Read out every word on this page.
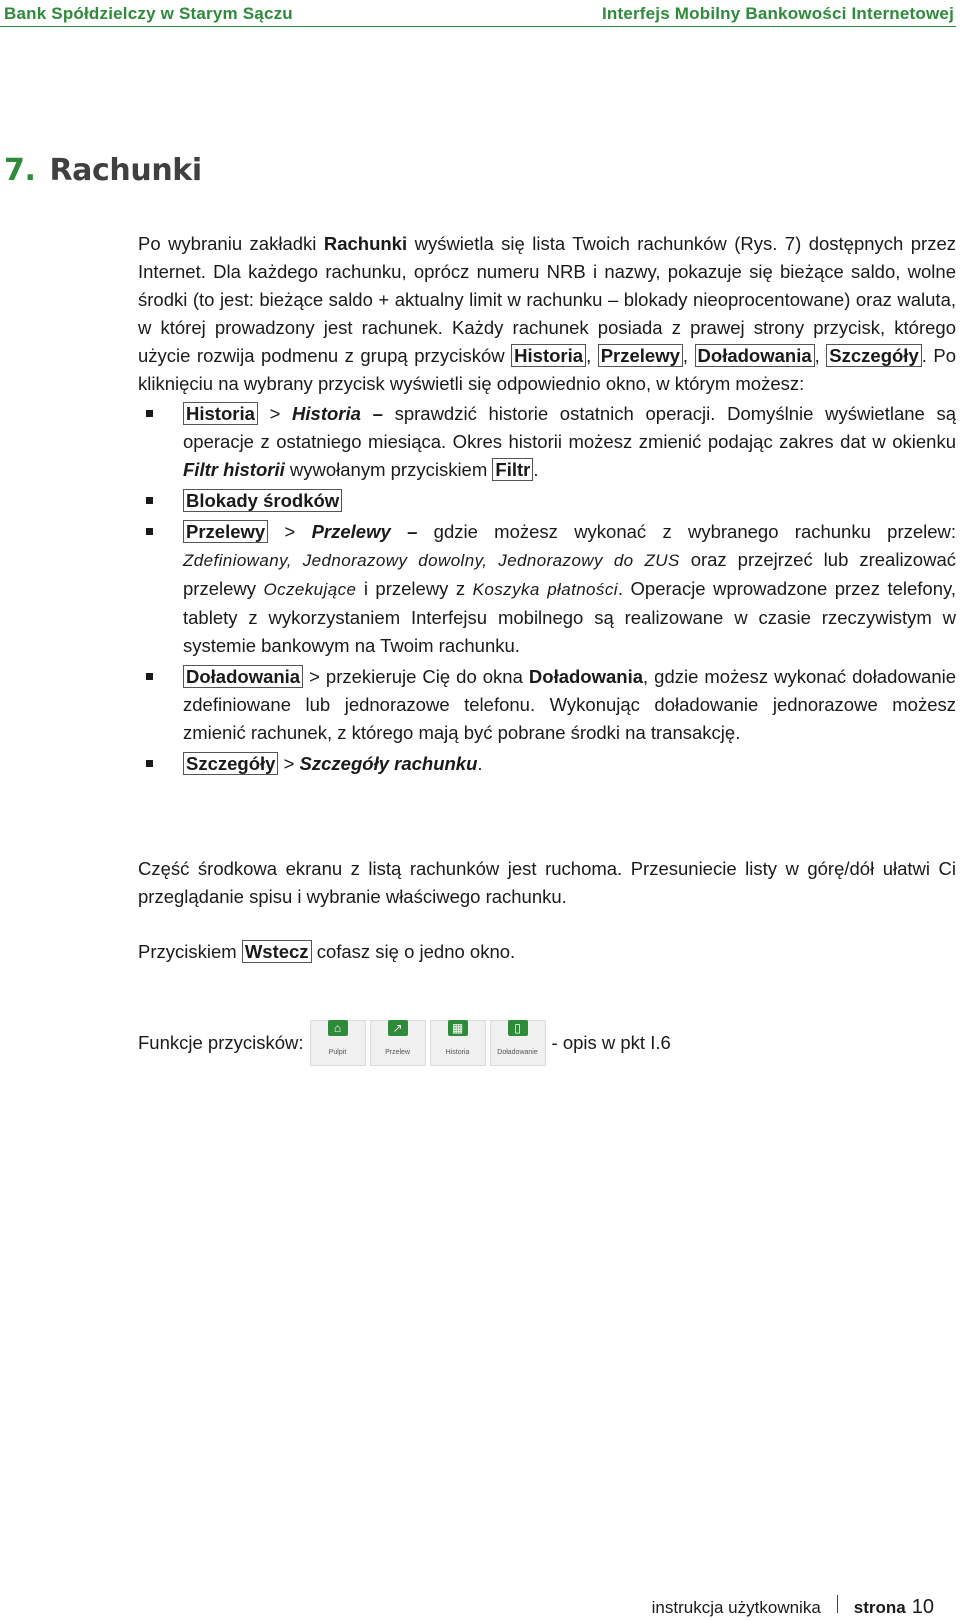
Bank Spółdzielczy w Starym Sączu	Interfejs Mobilny Bankowości Internetowej
7. Rachunki

Po wybraniu zakładki Rachunki wyświetla się lista Twoich rachunków (Rys. 7) dostępnych przez Internet. Dla każdego rachunku, oprócz numeru NRB i nazwy, pokazuje się bieżące saldo, wolne środki (to jest: bieżące saldo + aktualny limit w rachunku – blokady nieoprocentowane) oraz waluta, w której prowadzony jest rachunek. Każdy rachunek posiada z prawej strony przycisk, którego użycie rozwija podmenu z grupą przycisków Historia , Przelewy , Doładowania , Szczegóły . Po kliknięciu na wybrany przycisk wyświetli się odpowiednio okno, w którym możesz:

Historia > Historia – sprawdzić historie ostatnich operacji. Domyślnie wyświetlane są operacje z ostatniego miesiąca. Okres historii możesz zmienić podając zakres dat w okienku Filtr historii wywołanym przyciskiem Filtr .
Blokady środków
Przelewy > Przelewy – gdzie możesz wykonać z wybranego rachunku przelew: Zdefiniowany, Jednorazowy dowolny, Jednorazowy do ZUS oraz przejrzeć lub zrealizować przelewy Oczekujące i przelewy z Koszyka płatności. Operacje wprowadzone przez telefony, tablety z wykorzystaniem Interfejsu mobilnego są realizowane w czasie rzeczywistym w systemie bankowym na Twoim rachunku.
Doładowania > przekieruje Cię do okna Doładowania, gdzie możesz wykonać doładowanie zdefiniowane lub jednorazowe telefonu. Wykonując doładowanie jednorazowe możesz zmienić rachunek, z którego mają być pobrane środki na transakcję.
Szczegóły > Szczegóły rachunku.

Część środkowa ekranu z listą rachunków jest ruchoma. Przesuniecie listy w górę/dół ułatwi Ci przeglądanie spisu i wybranie właściwego rachunku.

Przyciskiem Wstecz cofasz się o jedno okno.

Funkcje przycisków:
⌂
Pulpit
↗
Przelew
▦
Historia
▯
Doładowanie - opis w pkt I.6

instrukcja użytkownika strona 10
